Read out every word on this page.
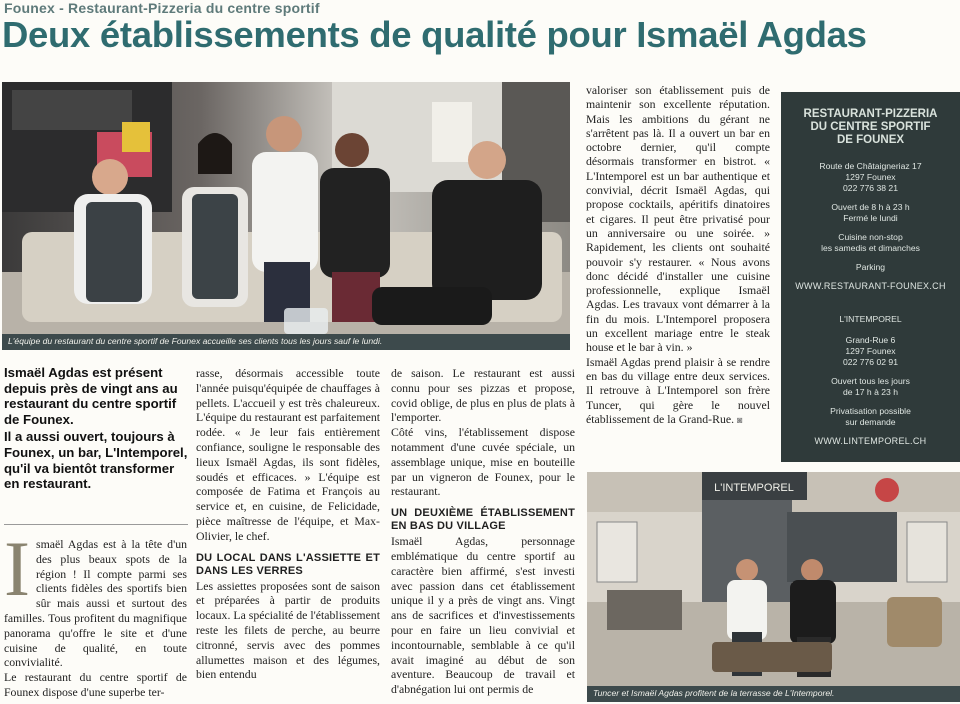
Founex - Restaurant-Pizzeria du centre sportif
Deux établissements de qualité pour Ismaël Agdas
L'équipe du restaurant du centre sportif de Founex accueille ses clients tous les jours sauf le lundi.

Ismaël Agdas est présent depuis près de vingt ans au restaurant du centre sportif de Founex.

Il a aussi ouvert, toujours à Founex, un bar, L'Intemporel, qu'il va bientôt transformer en restaurant.

Ismaël Agdas est à la tête d'un des plus beaux spots de la région ! Il compte parmi ses clients fidèles des sportifs bien sûr mais aussi et surtout des familles. Tous profitent du magnifique panorama qu'offre le site et d'une cuisine de qualité, en toute convivialité.

Le restaurant du centre sportif de Founex dispose d'une superbe ter-

rasse, désormais accessible toute l'année puisqu'équipée de chauffages à pellets. L'accueil y est très chaleureux. L'équipe du restaurant est parfaitement rodée. « Je leur fais entièrement confiance, souligne le responsable des lieux Ismaël Agdas, ils sont fidèles, soudés et efficaces. » L'équipe est composée de Fatima et François au service et, en cuisine, de Felicidade, pièce maîtresse de l'équipe, et Max-Olivier, le chef.

DU LOCAL DANS L'ASSIETTE ET DANS LES VERRES

Les assiettes proposées sont de saison et préparées à partir de produits locaux. La spécialité de l'établissement reste les filets de perche, au beurre citronné, servis avec des pommes allumettes maison et des légumes, bien entendu

de saison. Le restaurant est aussi connu pour ses pizzas et propose, covid oblige, de plus en plus de plats à l'emporter.

Côté vins, l'établissement dispose notamment d'une cuvée spéciale, un assemblage unique, mise en bouteille par un vigneron de Founex, pour le restaurant.

UN DEUXIÈME ÉTABLISSEMENT EN BAS DU VILLAGE

Ismaël Agdas, personnage emblématique du centre sportif au caractère bien affirmé, s'est investi avec passion dans cet établissement unique il y a près de vingt ans. Vingt ans de sacrifices et d'investissements pour en faire un lieu convivial et incontournable, semblable à ce qu'il avait imaginé au début de son aventure. Beaucoup de travail et d'abnégation lui ont permis de

valoriser son établissement puis de maintenir son excellente réputation. Mais les ambitions du gérant ne s'arrêtent pas là. Il a ouvert un bar en octobre dernier, qu'il compte désormais transformer en bistrot. « L'Intemporel est un bar authentique et convivial, décrit Ismaël Agdas, qui propose cocktails, apéritifs dinatoires et cigares. Il peut être privatisé pour un anniversaire ou une soirée. » Rapidement, les clients ont souhaité pouvoir s'y restaurer. « Nous avons donc décidé d'installer une cuisine professionnelle, explique Ismaël Agdas. Les travaux vont démarrer à la fin du mois. L'Intemporel proposera un excellent mariage entre le steak house et le bar à vin. »

Ismaël Agdas prend plaisir à se rendre en bas du village entre deux services. Il retrouve à L'Intemporel son frère Tuncer, qui gère le nouvel établissement de la Grand-Rue. ◙

RESTAURANT-PIZZERIA
DU CENTRE SPORTIF
DE FOUNEX
Route de Châtaigneriaz 17
1297 Founex
022 776 38 21
Ouvert de 8 h à 23 h
Fermé le lundi
Cuisine non-stop
les samedis et dimanches
Parking
WWW.RESTAURANT-FOUNEX.CH
L'INTEMPOREL
Grand-Rue 6
1297 Founex
022 776 02 91
Ouvert tous les jours
de 17 h à 23 h
Privatisation possible
sur demande
WWW.LINTEMPOREL.CH
L'INTEMPOREL
Tuncer et Ismaël Agdas profitent de la terrasse de L'Intemporel.
